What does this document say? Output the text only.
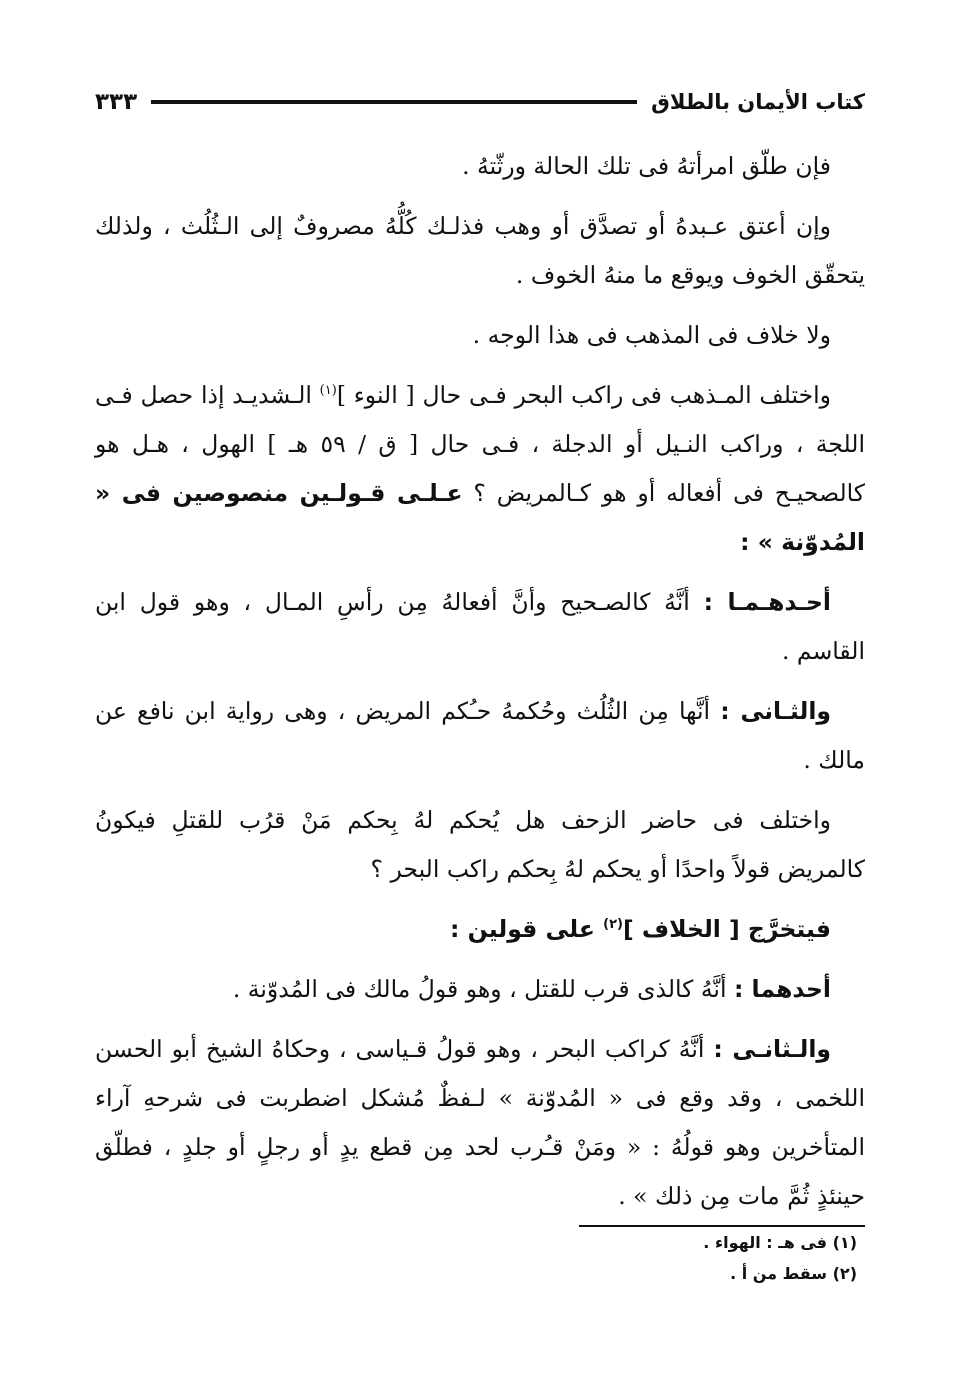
كتاب الأيمان بالطلاق
٣٣٣

فإن طلّق امرأتهُ فى تلك الحالة ورثّتهُ .

وإن أعتق عـبدهُ أو تصدَّق أو وهب فذلـك كُلُّهُ مصروفٌ إلى الـثُلُث ، ولذلك يتحقّق الخوف ويوقع ما منهُ الخوف .

ولا خلاف فى المذهب فى هذا الوجه .

واختلف المـذهب فى راكب البحر فـى حال [ النوء ]$^{(١)}$ الـشديـد إذا حصل فـى اللجة ، وراكب النـيل أو الدجلة ، فـى حال [ ق / ٥٩ هـ ] الهول ، هـل هو كالصحيـح فى أفعاله أو هو كـالمريض ؟ عـلـى قـولـين منصوصين فى « المُدوّنة » :

أحـدهـمـا : أنَّهُ كالصـحيح وأنَّ أفعالهُ مِن رأسِ المـال ، وهو قول ابن القاسم .

والثـانى : أنَّها مِن الثُلُث وحُكمهُ حـُكم المريض ، وهى رواية ابن نافع عن مالك .

واختلف فى حاضر الزحف هل يُحكم لهُ بِحكم مَنْ قرُب للقتلِ فيكونُ كالمريض قولاً واحدًا أو يحكم لهُ بِحكم راكب البحر ؟

فيتخرَّج [ الخلاف ]$^{(٢)}$ على قولين :

أحدهما : أنَّهُ كالذى قرب للقتل ، وهو قولُ مالك فى المُدوّنة .

والـثانـى : أنَّهُ كراكب البحر ، وهو قولُ قـياسى ، وحكاهُ الشيخ أبو الحسن اللخمى ، وقد وقع فى « المُدوّنة » لـفظٌ مُشكل اضطربت فى شرحهِ آراء المتأخرين وهو قولُهُ : « ومَنْ قـُرب لحد مِن قطع يدٍ أو رجلٍ أو جلدٍ ، فطلّق حينئذٍ ثُمَّ مات مِن ذلك » .

(١) فى هـ : الهواء .
(٢) سقط من أ .
